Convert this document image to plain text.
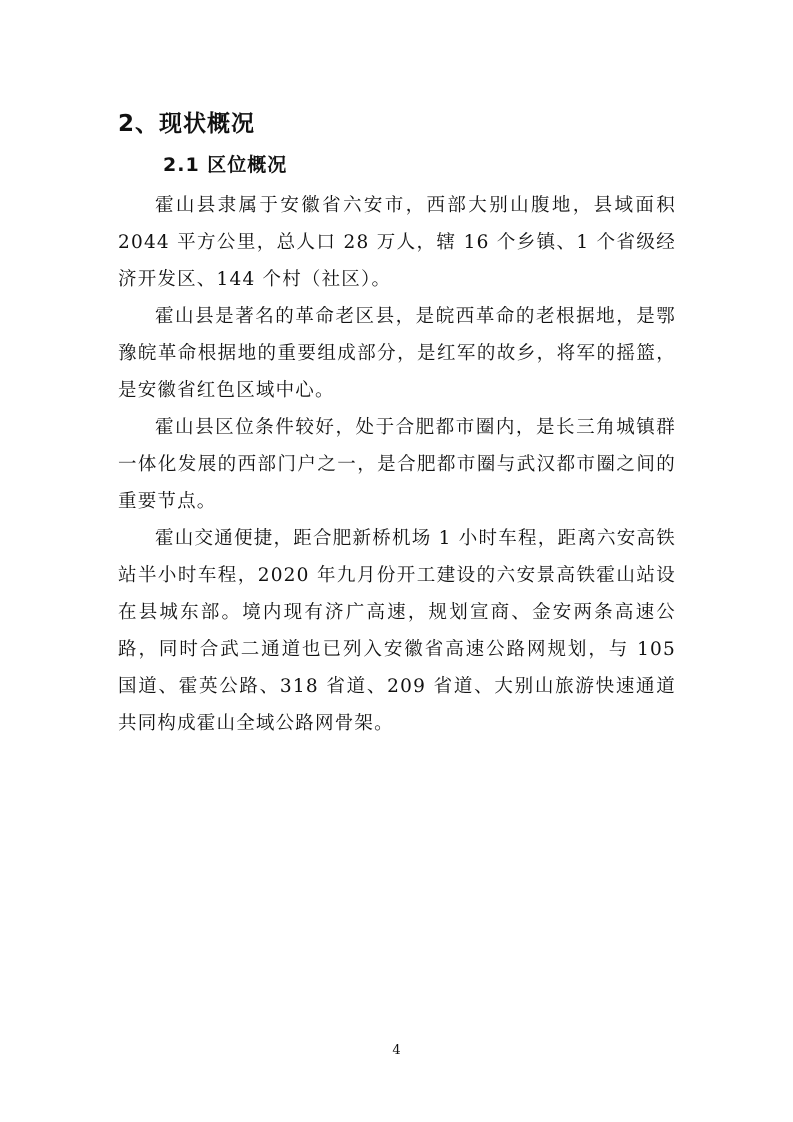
2、现状概况
2.1 区位概况

霍山县隶属于安徽省六安市，西部大别山腹地，县域面积 2044 平方公里，总人口 28 万人，辖 16 个乡镇、1 个省级经济开发区、144 个村（社区）。

霍山县是著名的革命老区县，是皖西革命的老根据地，是鄂豫皖革命根据地的重要组成部分，是红军的故乡，将军的摇篮，是安徽省红色区域中心。

霍山县区位条件较好，处于合肥都市圈内，是长三角城镇群一体化发展的西部门户之一，是合肥都市圈与武汉都市圈之间的重要节点。

霍山交通便捷，距合肥新桥机场 1 小时车程，距离六安高铁站半小时车程，2020 年九月份开工建设的六安景高铁霍山站设在县城东部。境内现有济广高速，规划宣商、金安两条高速公路，同时合武二通道也已列入安徽省高速公路网规划，与 105 国道、霍英公路、318 省道、209 省道、大别山旅游快速通道共同构成霍山全域公路网骨架。

4
